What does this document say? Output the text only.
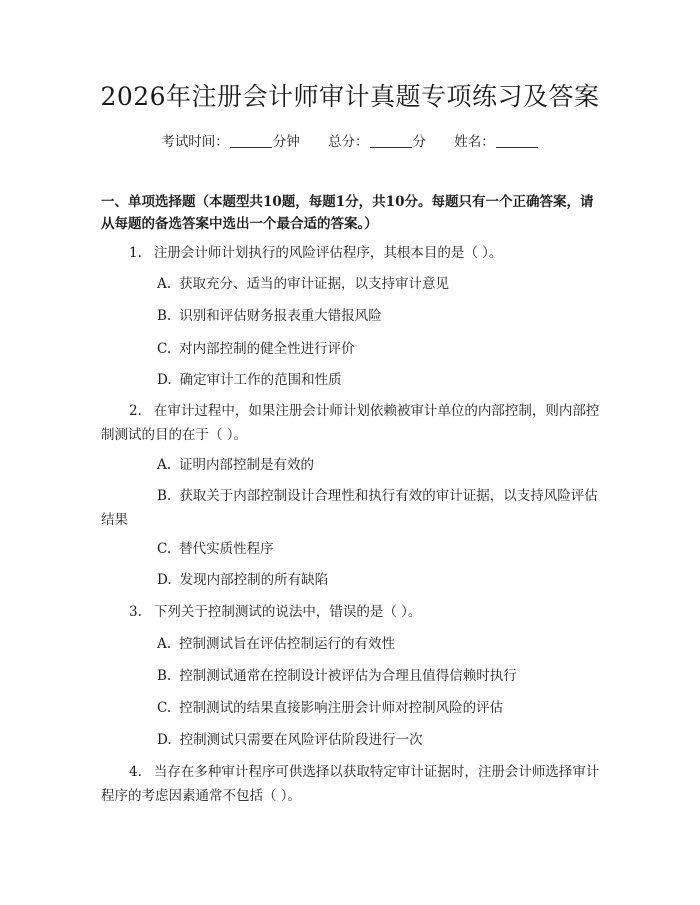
2026年注册会计师审计真题专项练习及答案
考试时间：	分钟 总分：	分 姓名：
一、单项选择题（本题型共10题，每题1分，共10分。每题只有一个正确答案，请从每题的备选答案中选出一个最合适的答案。）
1. 注册会计师计划执行的风险评估程序，其根本目的是（ ）。
A. 获取充分、适当的审计证据，以支持审计意见
B. 识别和评估财务报表重大错报风险
C. 对内部控制的健全性进行评价
D. 确定审计工作的范围和性质
2. 在审计过程中，如果注册会计师计划依赖被审计单位的内部控制，则内部控制测试的目的在于（ ）。
A. 证明内部控制是有效的
B. 获取关于内部控制设计合理性和执行有效的审计证据，以支持风险评估结果
C. 替代实质性程序
D. 发现内部控制的所有缺陷
3. 下列关于控制测试的说法中，错误的是（ ）。
A. 控制测试旨在评估控制运行的有效性
B. 控制测试通常在控制设计被评估为合理且值得信赖时执行
C. 控制测试的结果直接影响注册会计师对控制风险的评估
D. 控制测试只需要在风险评估阶段进行一次
4. 当存在多种审计程序可供选择以获取特定审计证据时，注册会计师选择审计程序的考虑因素通常不包括（ ）。
